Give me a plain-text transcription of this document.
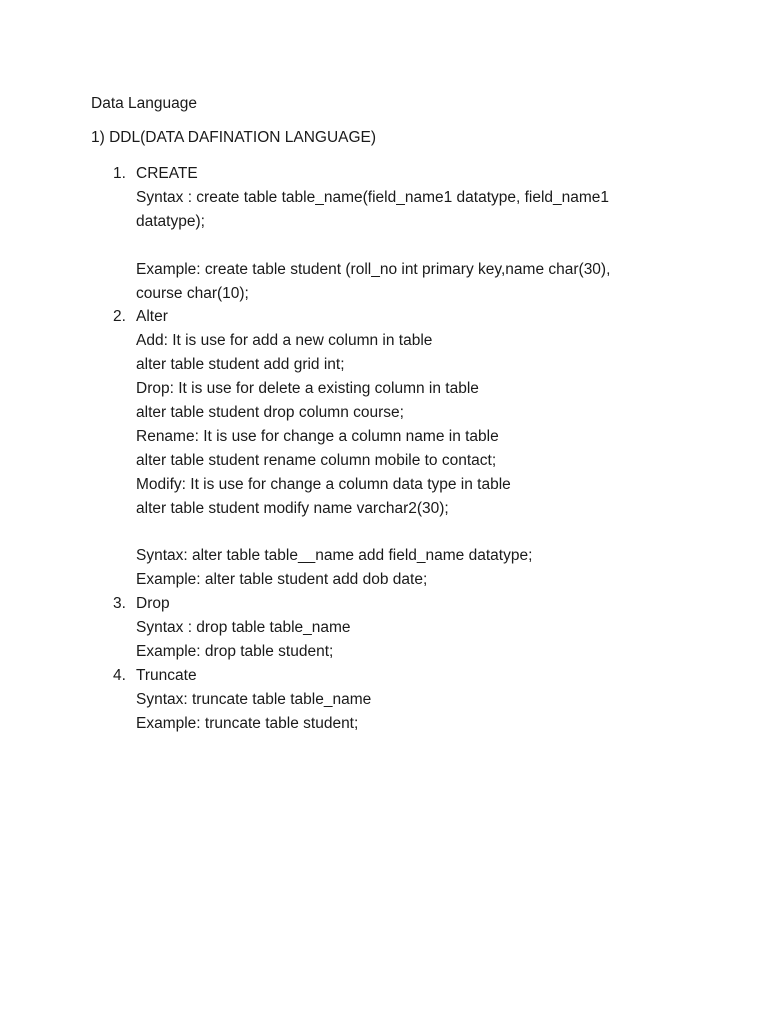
Data Language
1) DDL(DATA DAFINATION LANGUAGE)
1. CREATE
Syntax : create table table_name(field_name1 datatype, field_name1 datatype);
Example: create table student (roll_no int primary key,name char(30), course char(10);
2. Alter
Add: It is use for add a new column in table
alter table student add grid int;
Drop: It is use for delete a existing column in table
alter table student drop column course;
Rename: It is use for change a column name in table
alter table student rename column mobile to contact;
Modify: It is use for change a column data type in table
alter table student modify name varchar2(30);
Syntax: alter table table__name add field_name datatype;
Example: alter table student add dob date;
3. Drop
Syntax : drop table table_name
Example: drop table student;
4. Truncate
Syntax: truncate table table_name
Example: truncate table student;
